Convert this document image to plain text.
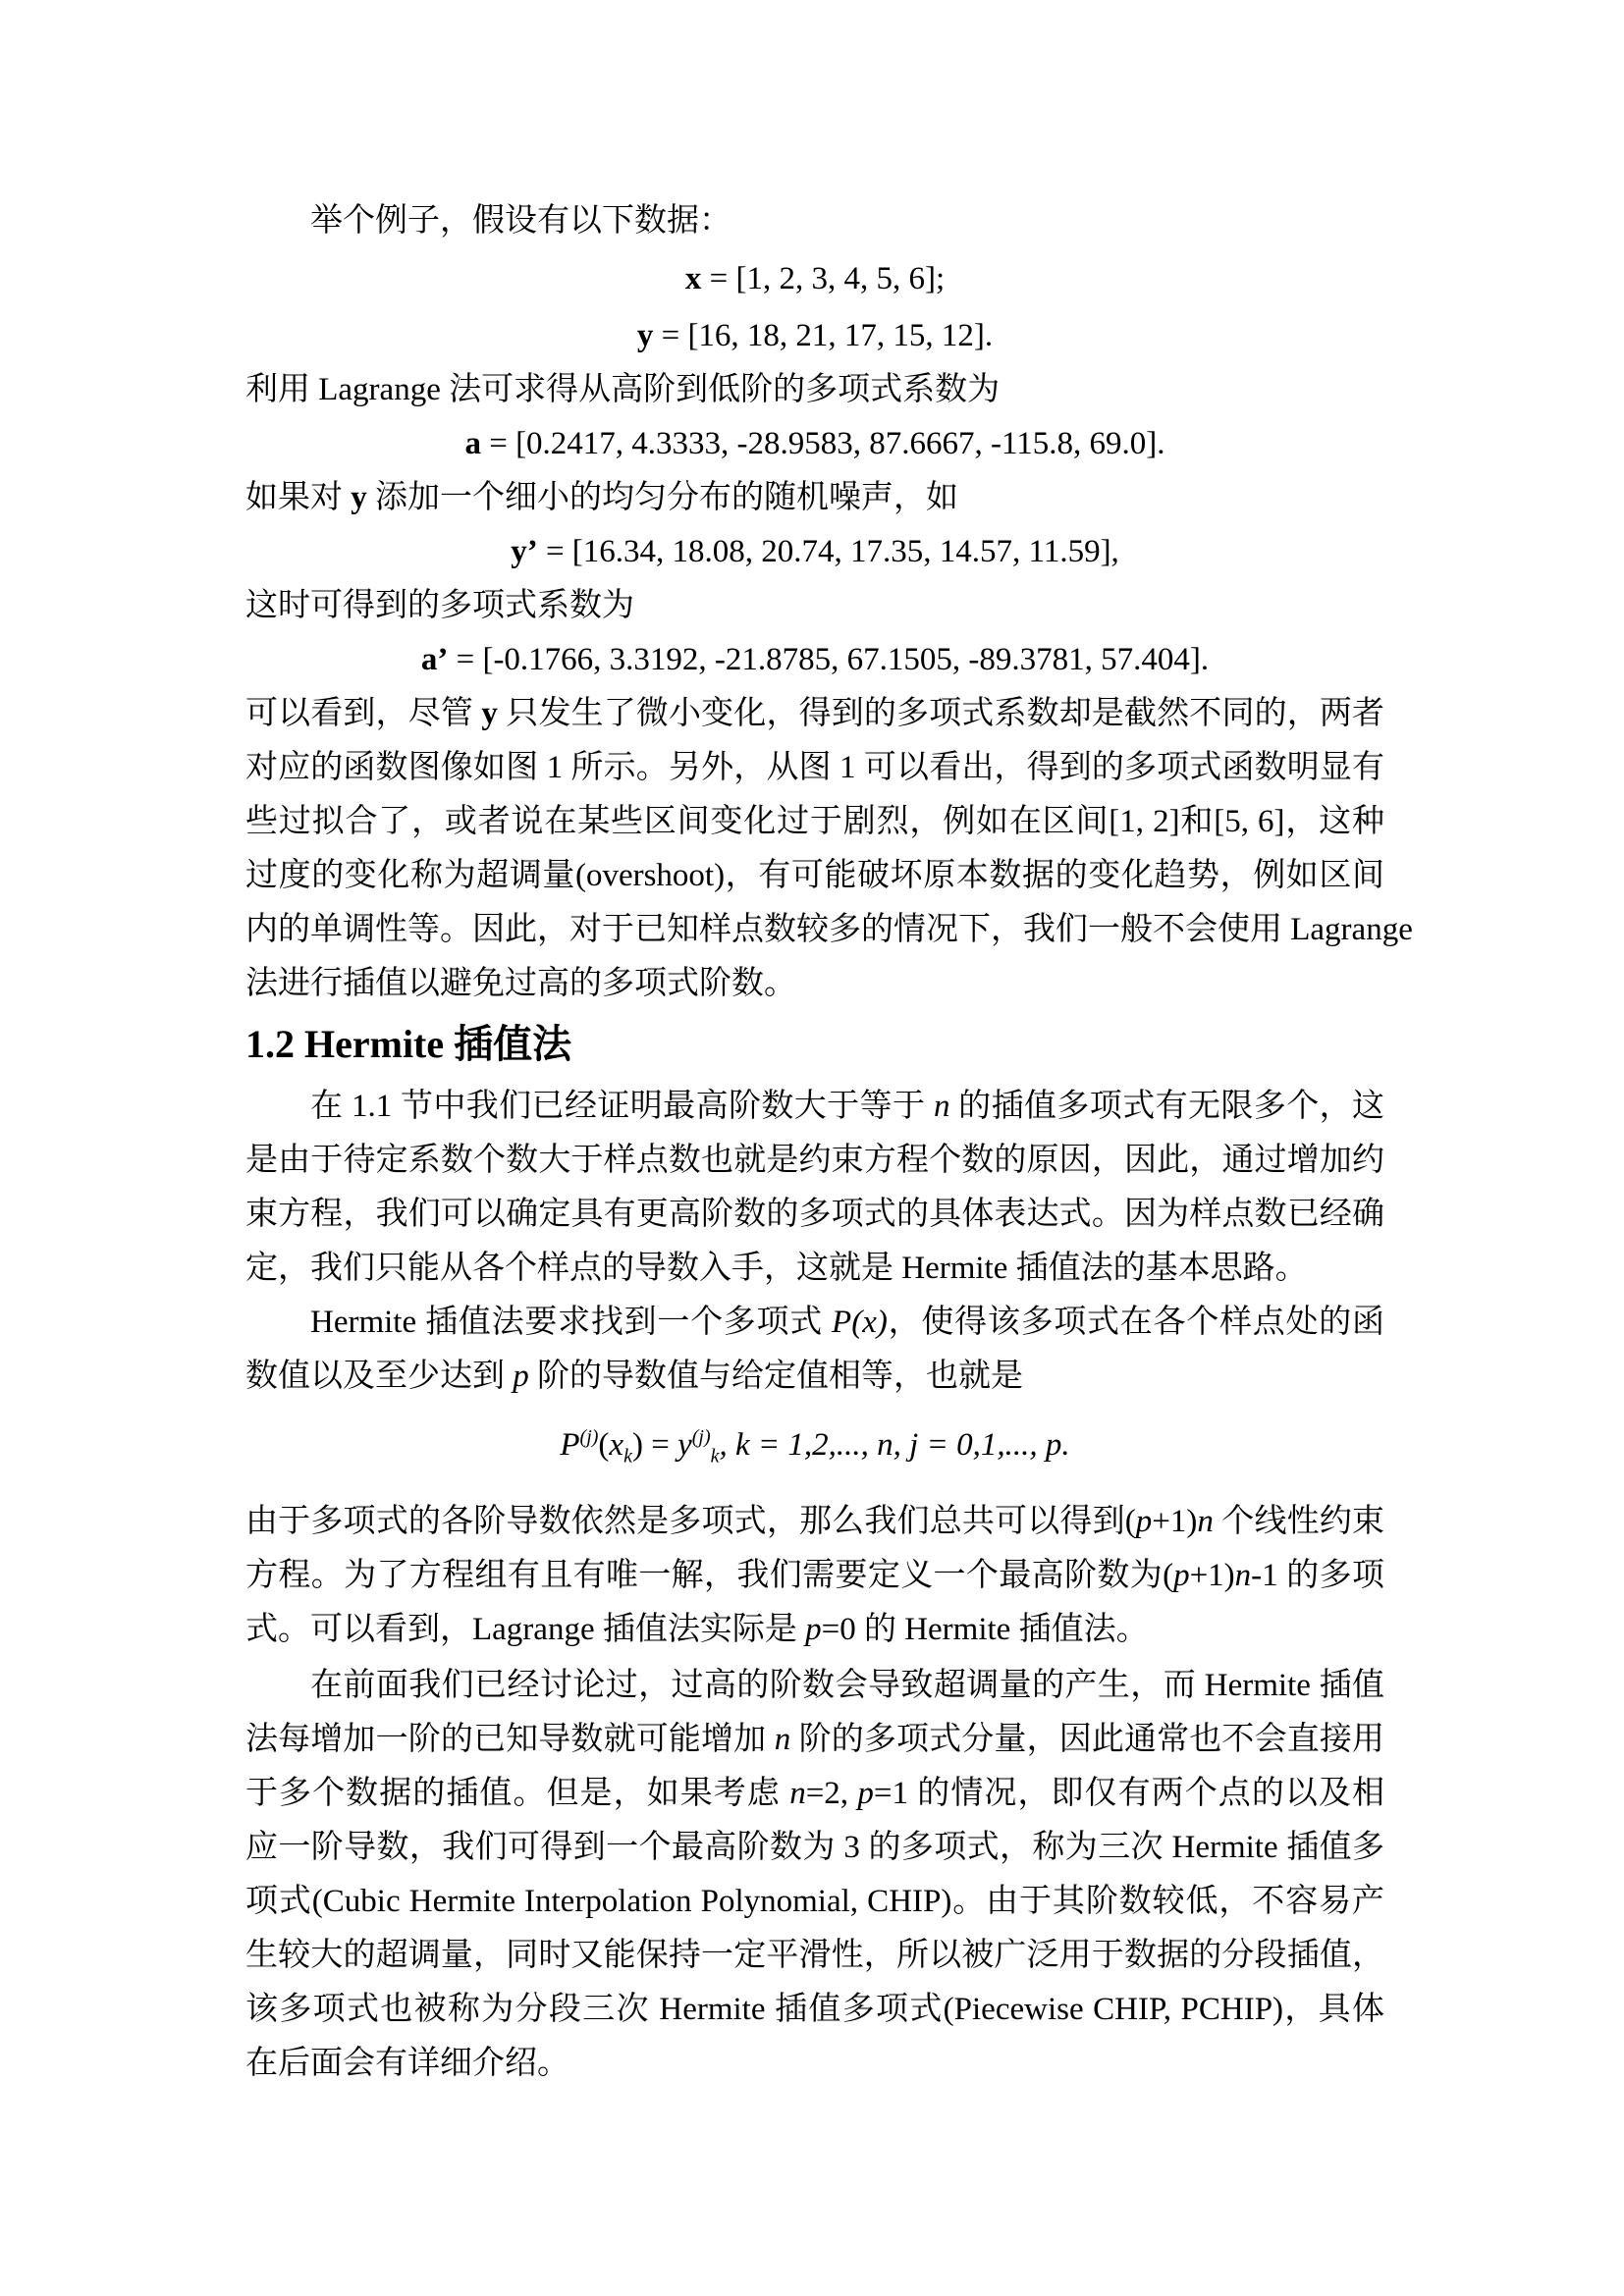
举个例子，假设有以下数据：
x = [1, 2, 3, 4, 5, 6];
y = [16, 18, 21, 17, 15, 12].
利用 Lagrange 法可求得从高阶到低阶的多项式系数为
a = [0.2417, 4.3333, -28.9583, 87.6667, -115.8, 69.0].
如果对 y 添加一个细小的均匀分布的随机噪声，如
y’ = [16.34, 18.08, 20.74, 17.35, 14.57, 11.59],
这时可得到的多项式系数为
a’ = [-0.1766, 3.3192, -21.8785, 67.1505, -89.3781, 57.404].
可以看到，尽管 y 只发生了微小变化，得到的多项式系数却是截然不同的，两者
对应的函数图像如图 1 所示。另外，从图 1 可以看出，得到的多项式函数明显有
些过拟合了，或者说在某些区间变化过于剧烈，例如在区间[1, 2]和[5, 6]，这种
过度的变化称为超调量(overshoot)，有可能破坏原本数据的变化趋势，例如区间
内的单调性等。因此，对于已知样点数较多的情况下，我们一般不会使用 Lagrange
法进行插值以避免过高的多项式阶数。
1.2 Hermite 插值法
在 1.1 节中我们已经证明最高阶数大于等于 n 的插值多项式有无限多个，这
是由于待定系数个数大于样点数也就是约束方程个数的原因，因此，通过增加约
束方程，我们可以确定具有更高阶数的多项式的具体表达式。因为样点数已经确
定，我们只能从各个样点的导数入手，这就是 Hermite 插值法的基本思路。
Hermite 插值法要求找到一个多项式 P(x)，使得该多项式在各个样点处的函
数值以及至少达到 p 阶的导数值与给定值相等，也就是
$P^{(j)}(x_k) = y^{(j)}_k$, k = 1,2,..., n, j = 0,1,..., p.
由于多项式的各阶导数依然是多项式，那么我们总共可以得到(p+1)n 个线性约束
方程。为了方程组有且有唯一解，我们需要定义一个最高阶数为(p+1)n-1 的多项
式。可以看到，Lagrange 插值法实际是 p=0 的 Hermite 插值法。
在前面我们已经讨论过，过高的阶数会导致超调量的产生，而 Hermite 插值
法每增加一阶的已知导数就可能增加 n 阶的多项式分量，因此通常也不会直接用
于多个数据的插值。但是，如果考虑 n=2, p=1 的情况，即仅有两个点的以及相
应一阶导数，我们可得到一个最高阶数为 3 的多项式，称为三次 Hermite 插值多
项式(Cubic Hermite Interpolation Polynomial, CHIP)。由于其阶数较低，不容易产
生较大的超调量，同时又能保持一定平滑性，所以被广泛用于数据的分段插值，
该多项式也被称为分段三次 Hermite 插值多项式(Piecewise CHIP, PCHIP)，具体
在后面会有详细介绍。
